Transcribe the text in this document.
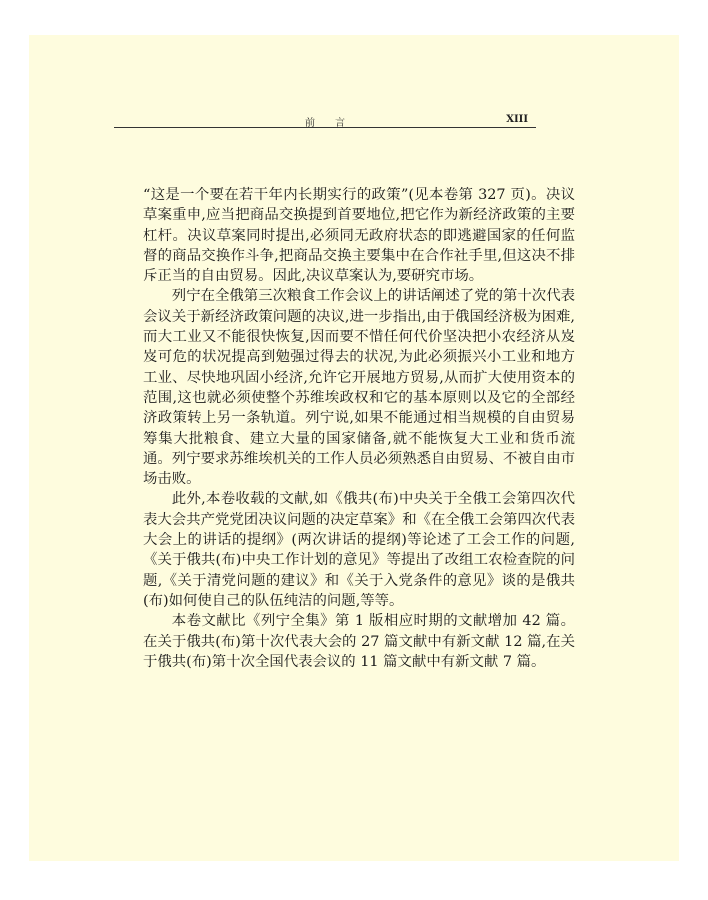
前　　言	XIII

“这是一个要在若干年内长期实行的政策”(见本卷第 327 页)。决议草案重申,应当把商品交换提到首要地位,把它作为新经济政策的主要杠杆。决议草案同时提出,必须同无政府状态的即逃避国家的任何监督的商品交换作斗争,把商品交换主要集中在合作社手里,但这决不排斥正当的自由贸易。因此,决议草案认为,要研究市场。

列宁在全俄第三次粮食工作会议上的讲话阐述了党的第十次代表会议关于新经济政策问题的决议,进一步指出,由于俄国经济极为困难,而大工业又不能很快恢复,因而要不惜任何代价坚决把小农经济从岌岌可危的状况提高到勉强过得去的状况,为此必须振兴小工业和地方工业、尽快地巩固小经济,允许它开展地方贸易,从而扩大使用资本的范围,这也就必须使整个苏维埃政权和它的基本原则以及它的全部经济政策转上另一条轨道。列宁说,如果不能通过相当规模的自由贸易筹集大批粮食、建立大量的国家储备,就不能恢复大工业和货币流通。列宁要求苏维埃机关的工作人员必须熟悉自由贸易、不被自由市场击败。

此外,本卷收载的文献,如《俄共(布)中央关于全俄工会第四次代表大会共产党党团决议问题的决定草案》和《在全俄工会第四次代表大会上的讲话的提纲》(两次讲话的提纲)等论述了工会工作的问题,《关于俄共(布)中央工作计划的意见》等提出了改组工农检查院的问题,《关于清党问题的建议》和《关于入党条件的意见》谈的是俄共(布)如何使自己的队伍纯洁的问题,等等。

本卷文献比《列宁全集》第 1 版相应时期的文献增加 42 篇。在关于俄共(布)第十次代表大会的 27 篇文献中有新文献 12 篇,在关于俄共(布)第十次全国代表会议的 11 篇文献中有新文献 7 篇。
